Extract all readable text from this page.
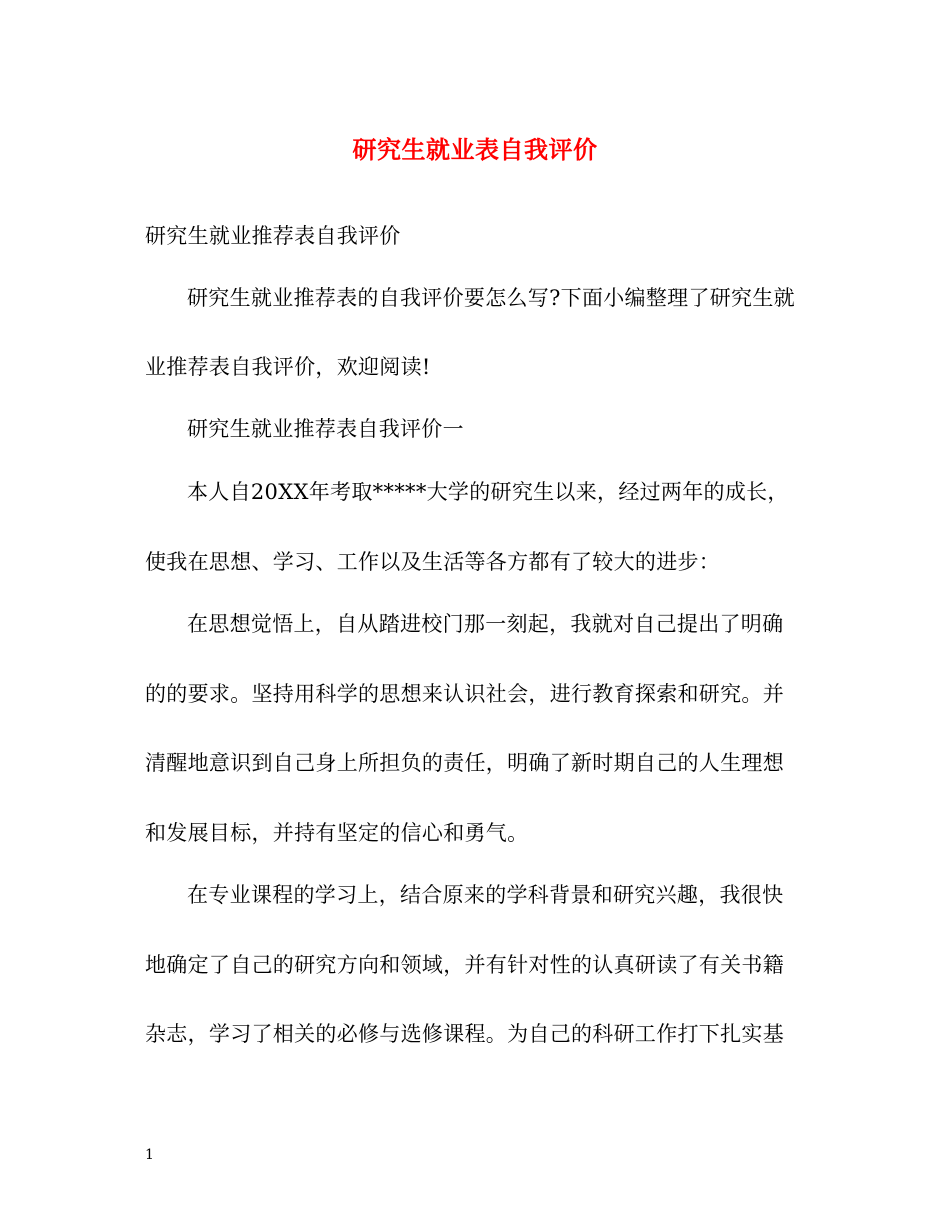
研究生就业表自我评价
研究生就业推荐表自我评价
研究生就业推荐表的自我评价要怎么写?下面小编整理了研究生就
业推荐表自我评价，欢迎阅读!
研究生就业推荐表自我评价一
本人自20XX年考取*****大学的研究生以来，经过两年的成长，
使我在思想、学习、工作以及生活等各方都有了较大的进步：
在思想觉悟上，自从踏进校门那一刻起，我就对自己提出了明确
的的要求。坚持用科学的思想来认识社会，进行教育探索和研究。并
清醒地意识到自己身上所担负的责任，明确了新时期自己的人生理想
和发展目标，并持有坚定的信心和勇气。
在专业课程的学习上，结合原来的学科背景和研究兴趣，我很快
地确定了自己的研究方向和领域，并有针对性的认真研读了有关书籍
杂志，学习了相关的必修与选修课程。为自己的科研工作打下扎实基
1
